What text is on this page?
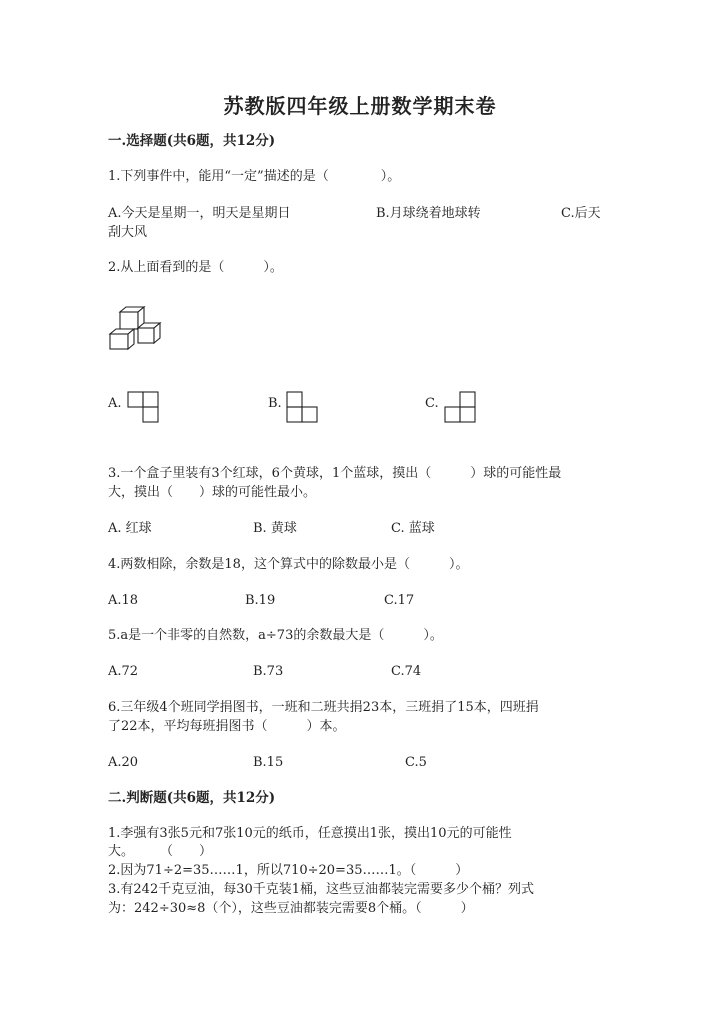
苏教版四年级上册数学期末卷
一.选择题(共6题，共12分)
1.下列事件中，能用“一定”描述的是（　　　　）。
A.今天是星期一，明天是星期日	B.月球绕着地球转	C.后天
刮大风
2.从上面看到的是（　　　）。
A.	B.	C.
3.一个盒子里装有3个红球，6个黄球，1个蓝球，摸出（　　　）球的可能性最
大，摸出（　　）球的可能性最小。
A. 红球	B. 黄球	C. 蓝球
4.两数相除，余数是18，这个算式中的除数最小是（　　　）。
A.18	B.19	C.17
5.a是一个非零的自然数，a÷73的余数最大是（　　　）。
A.72	B.73	C.74
6.三年级4个班同学捐图书，一班和二班共捐23本，三班捐了15本，四班捐
了22本，平均每班捐图书（　　　）本。
A.20	B.15	C.5
二.判断题(共6题，共12分)
1.李强有3张5元和7张10元的纸币，任意摸出1张，摸出10元的可能性
大。　　　（　　）
2.因为71÷2=35……1，所以710÷20=35……1。（　　　）
3.有242千克豆油，每30千克装1桶，这些豆油都装完需要多少个桶？列式
为：242÷30≈8（个），这些豆油都装完需要8个桶。（　　　）
